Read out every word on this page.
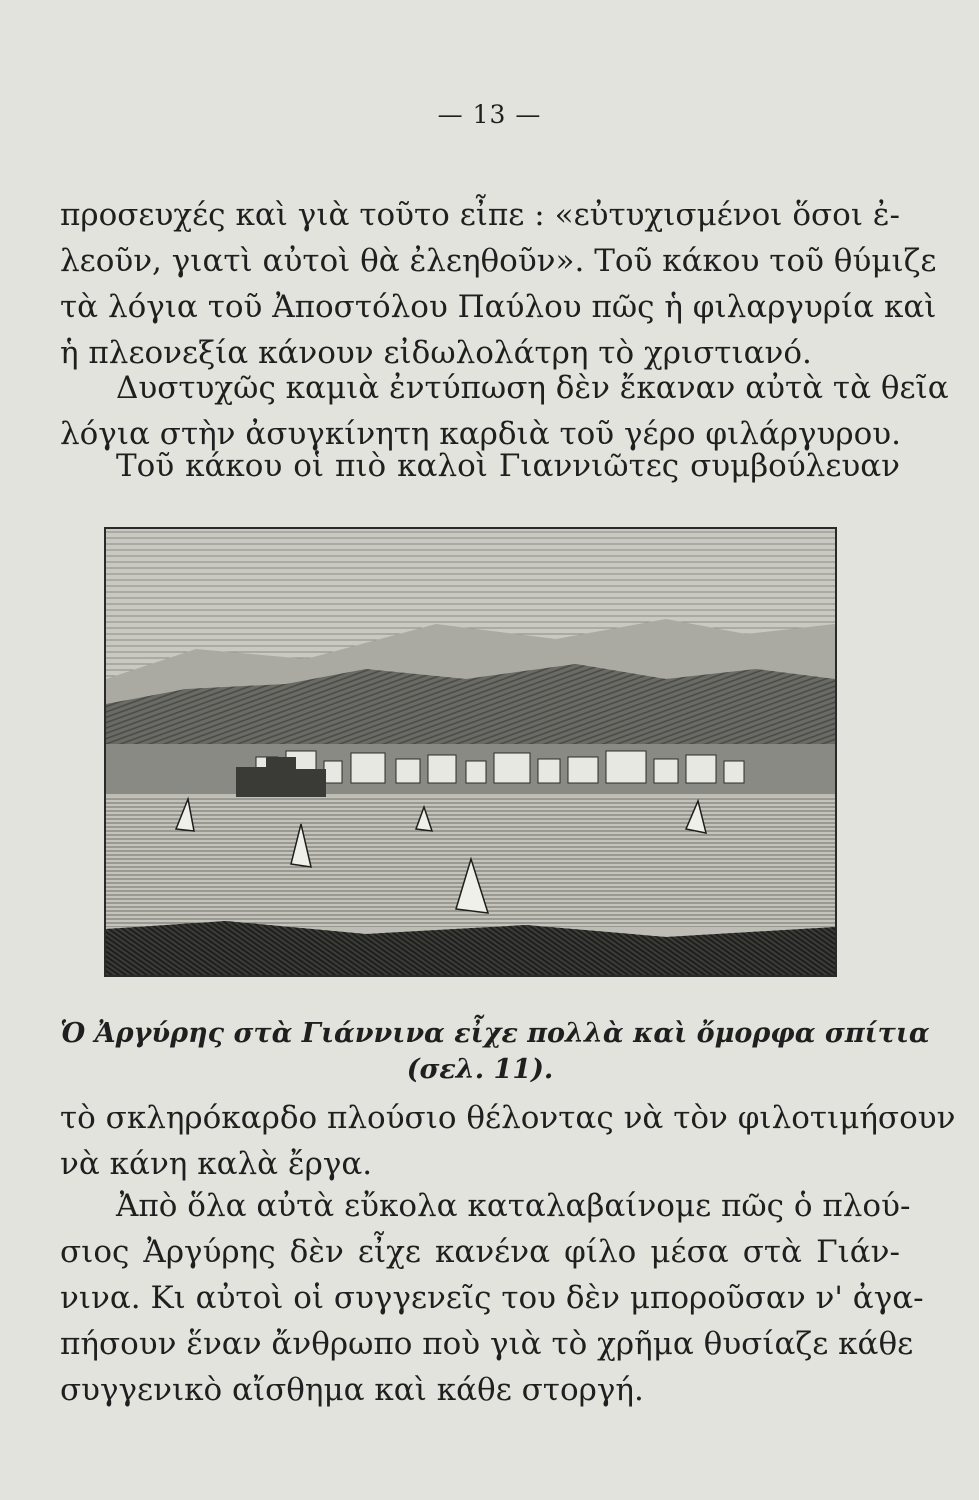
— 13 —
προσευχές καὶ γιὰ τοῦτο εἶπε : «εὐτυχισμένοι ὅσοι ἐ-
λεοῦν, γιατὶ αὐτοὶ θὰ ἐλεηθοῦν». Τοῦ κάκου τοῦ θύμιζε
τὰ λόγια τοῦ Ἀποστόλου Παύλου πῶς ἡ φιλαργυρία καὶ
ἡ πλεονεξία κάνουν εἰδωλολάτρη τὸ χριστιανό.
Δυστυχῶς καμιὰ ἐντύπωση δὲν ἔκαναν αὐτὰ τὰ θεῖα
λόγια στὴν ἀσυγκίνητη καρδιὰ τοῦ γέρο φιλάργυρου.
Τοῦ κάκου οἱ πιὸ καλοὶ Γιαννιῶτες συμβούλευαν
Ὁ Ἀργύρης στὰ Γιάννινα εἶχε πολλὰ καὶ ὄμορφα σπίτια
(σελ. 11).
τὸ σκληρόκαρδο πλούσιο θέλοντας νὰ τὸν φιλοτιμήσουν
νὰ κάνη καλὰ ἔργα.
Ἀπὸ ὅλα αὐτὰ εὔκολα καταλαβαίνομε πῶς ὁ πλού-
σιος Ἀργύρης δὲν εἶχε κανένα φίλο μέσα στὰ Γιάν-
νινα. Κι αὐτοὶ οἱ συγγενεῖς του δὲν μποροῦσαν ν' ἀγα-
πήσουν ἕναν ἄνθρωπο ποὺ γιὰ τὸ χρῆμα θυσίαζε κάθε
συγγενικὸ αἴσθημα καὶ κάθε στοργή.
